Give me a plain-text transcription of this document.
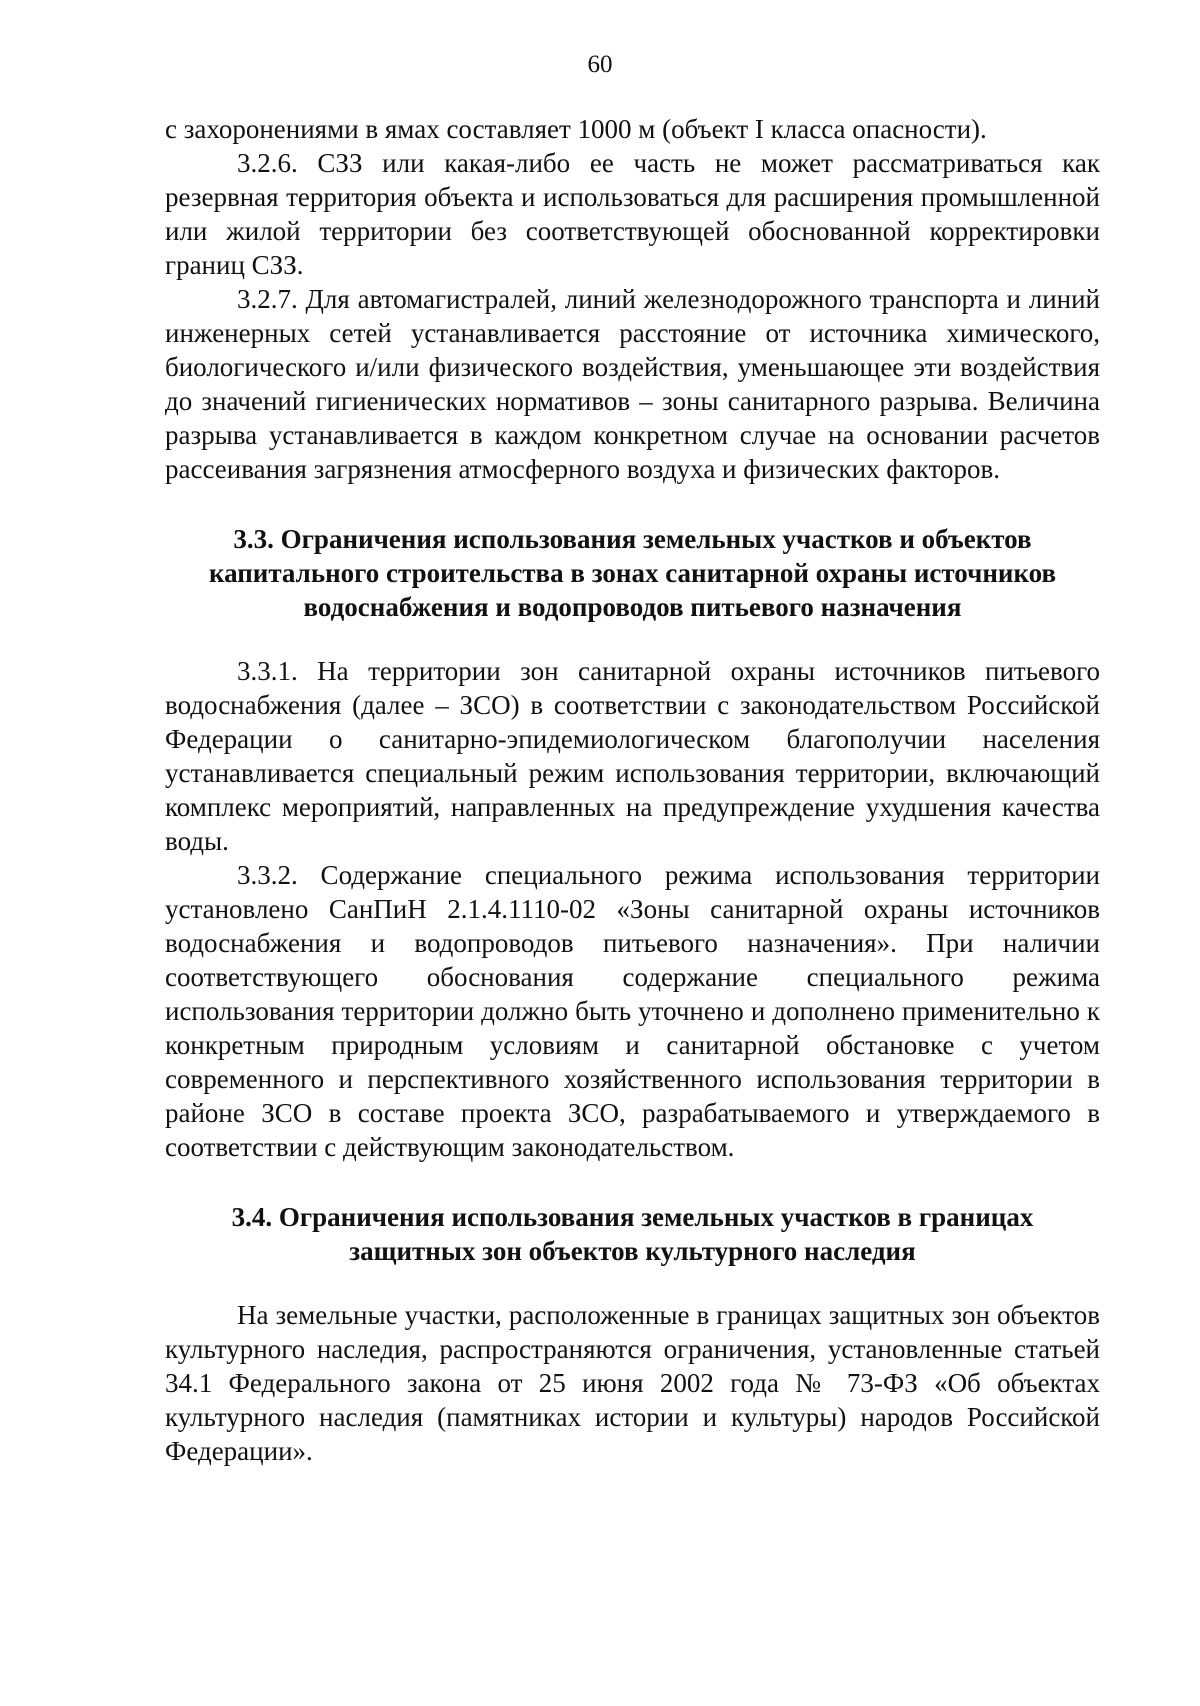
60

с захоронениями в ямах составляет 1000 м (объект I класса опасности).

3.2.6. СЗЗ или какая-либо ее часть не может рассматриваться как резервная территория объекта и использоваться для расширения промышленной или жилой территории без соответствующей обоснованной корректировки границ СЗЗ.

3.2.7. Для автомагистралей, линий железнодорожного транспорта и линий инженерных сетей устанавливается расстояние от источника химического, биологического и/или физического воздействия, уменьшающее эти воздействия до значений гигиенических нормативов – зоны санитарного разрыва. Величина разрыва устанавливается в каждом конкретном случае на основании расчетов рассеивания загрязнения атмосферного воздуха и физических факторов.

3.3. Ограничения использования земельных участков и объектов капитального строительства в зонах санитарной охраны источников водоснабжения и водопроводов питьевого назначения

3.3.1. На территории зон санитарной охраны источников питьевого водоснабжения (далее – ЗСО) в соответствии с законодательством Российской Федерации о санитарно-эпидемиологическом благополучии населения устанавливается специальный режим использования территории, включающий комплекс мероприятий, направленных на предупреждение ухудшения качества воды.

3.3.2. Содержание специального режима использования территории установлено СанПиН 2.1.4.1110-02 «Зоны санитарной охраны источников водоснабжения и водопроводов питьевого назначения». При наличии соответствующего обоснования содержание специального режима использования территории должно быть уточнено и дополнено применительно к конкретным природным условиям и санитарной обстановке с учетом современного и перспективного хозяйственного использования территории в районе ЗСО в составе проекта ЗСО, разрабатываемого и утверждаемого в соответствии с действующим законодательством.

3.4. Ограничения использования земельных участков в границах защитных зон объектов культурного наследия

На земельные участки, расположенные в границах защитных зон объектов культурного наследия, распространяются ограничения, установленные статьей 34.1 Федерального закона от 25 июня 2002 года № 73-ФЗ «Об объектах культурного наследия (памятниках истории и культуры) народов Российской Федерации».
